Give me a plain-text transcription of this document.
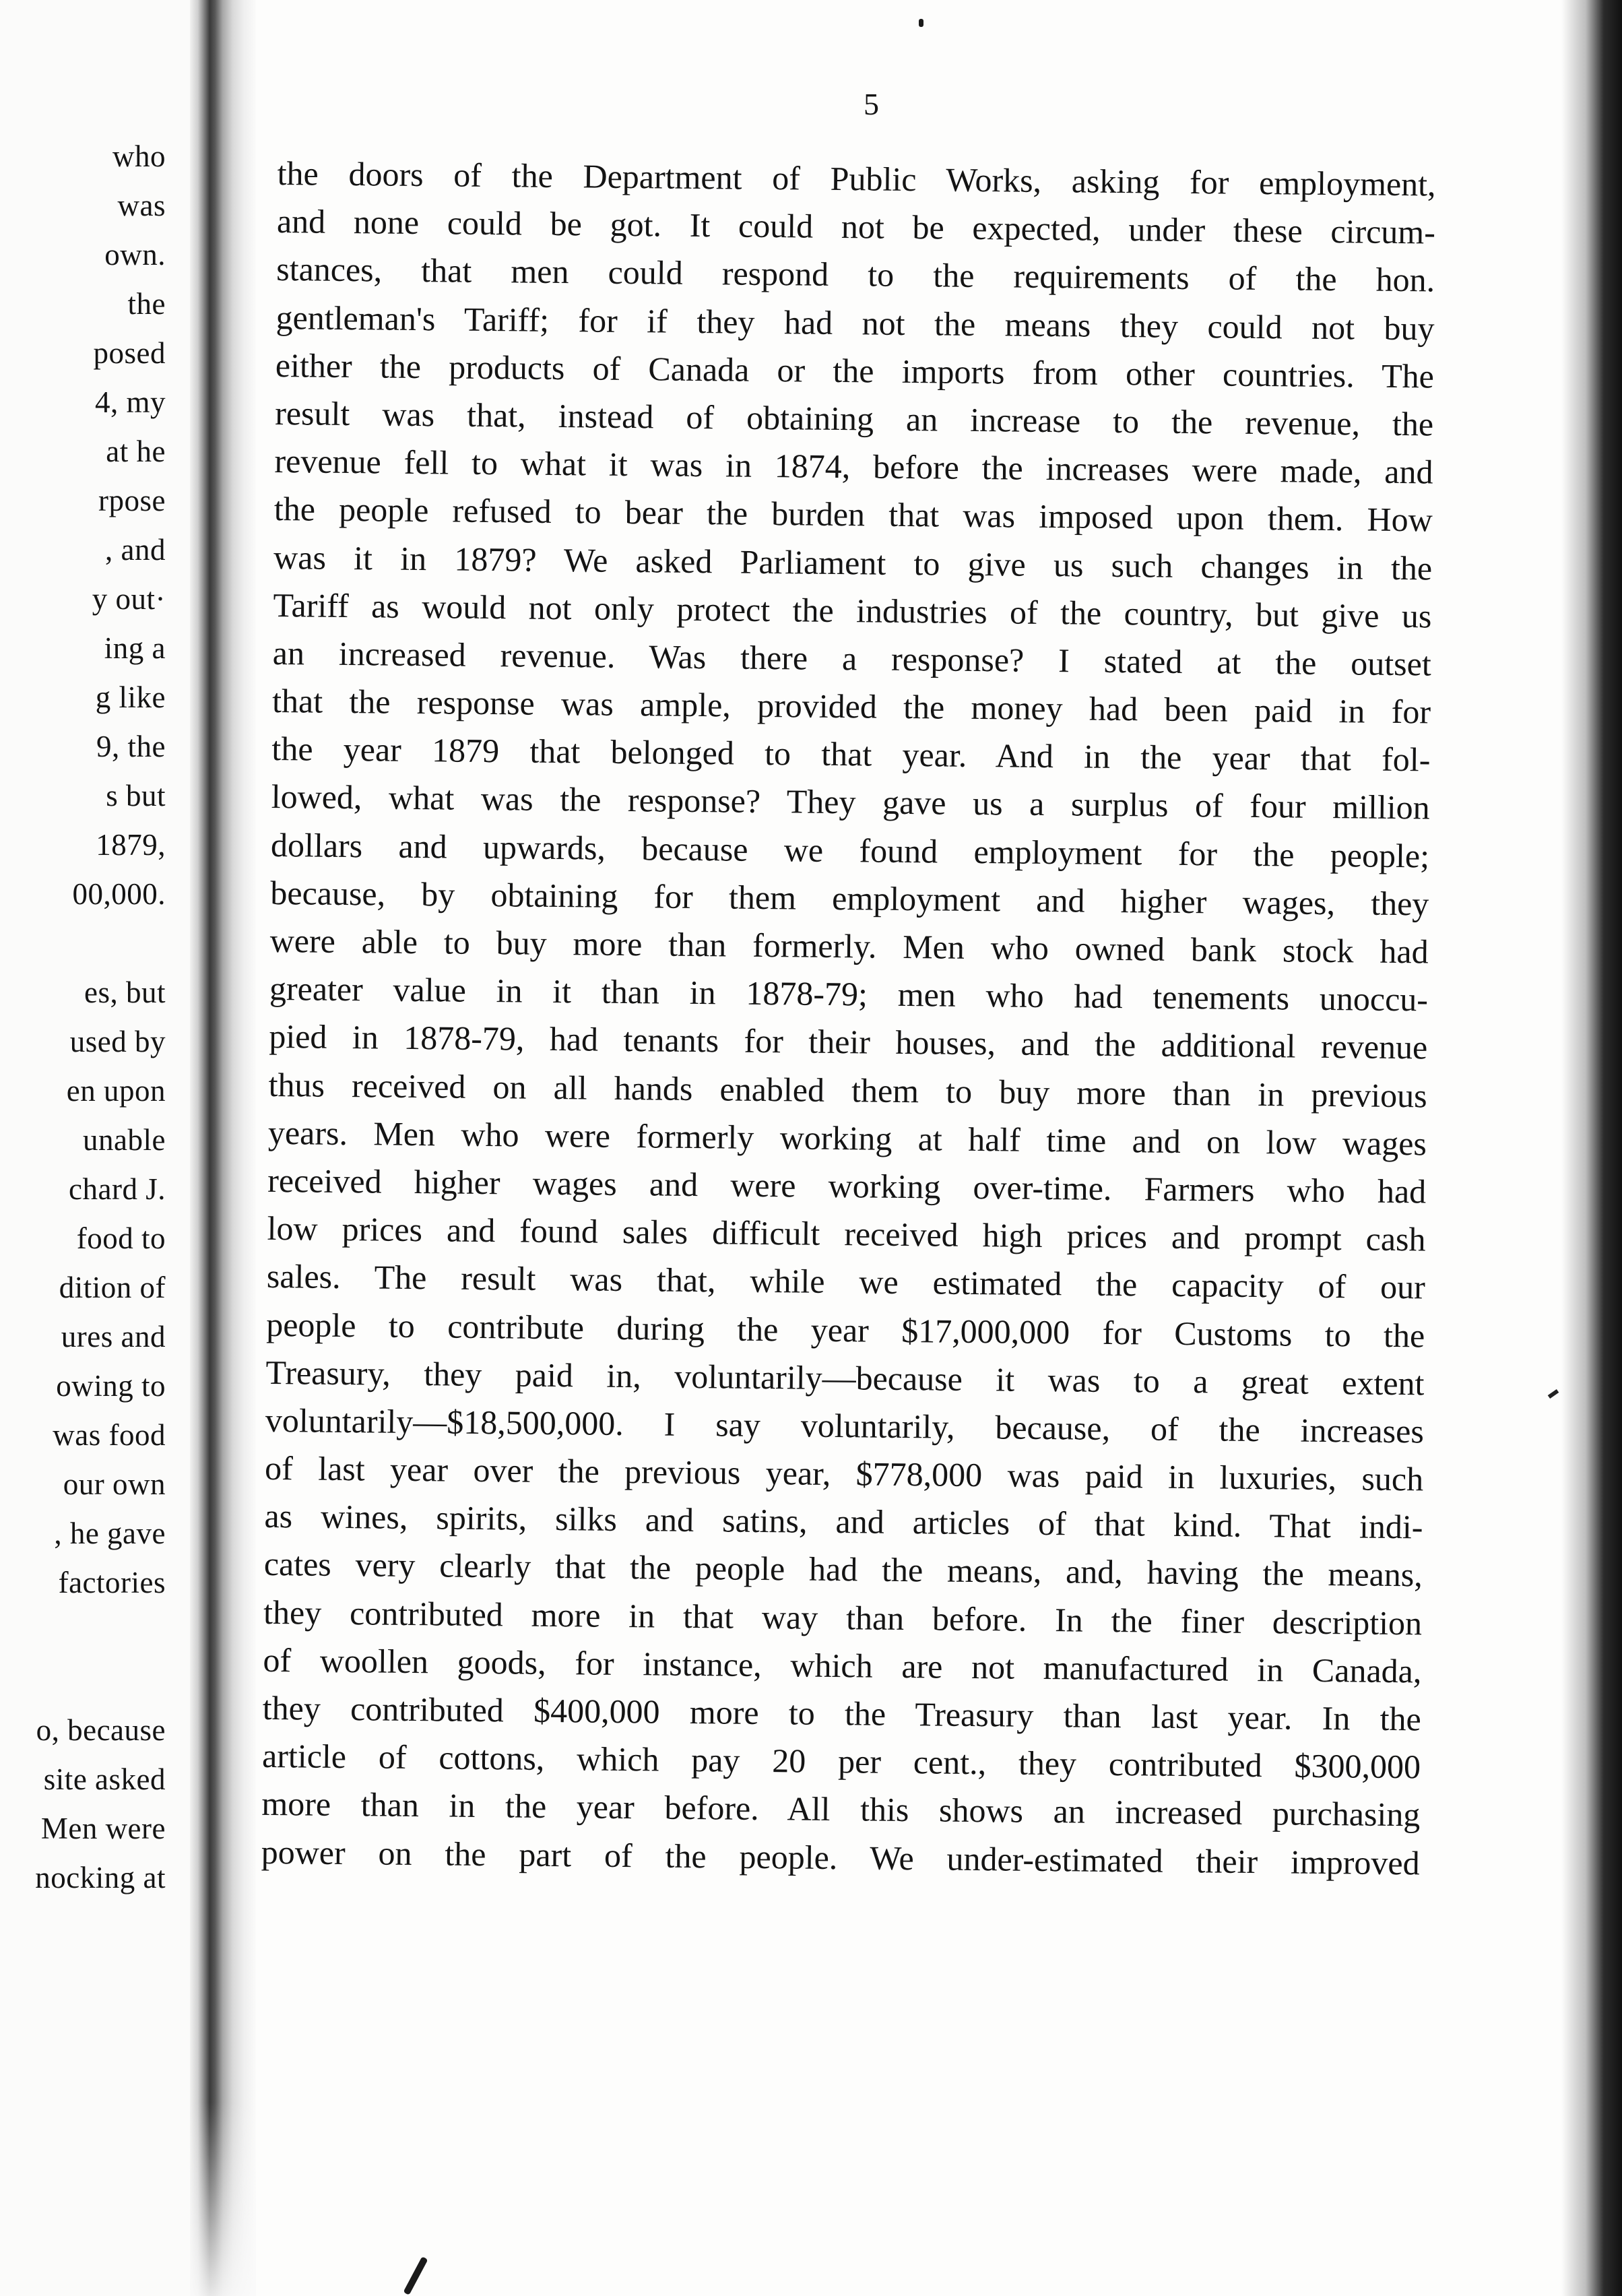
who
was
own.
the
posed
4, my
at he
rpose
, and
y out·
ing a
g like
9, the
s but
1879,
00,000.
es, but
used by
en upon
unable
chard J.
food to
dition of
ures and
owing to
was food
our own
, he gave
factories
o, because
site asked
Men were
nocking at
5
the doors of the Department of Public Works, asking for employment,
and none could be got. It could not be expected, under these circum-
stances, that men could respond to the requirements of the hon.
gentleman's Tariff; for if they had not the means they could not buy
either the products of Canada or the imports from other countries. The
result was that, instead of obtaining an increase to the revenue, the
revenue fell to what it was in 1874, before the increases were made, and
the people refused to bear the burden that was imposed upon them. How
was it in 1879? We asked Parliament to give us such changes in the
Tariff as would not only protect the industries of the country, but give us
an increased revenue. Was there a response? I stated at the outset
that the response was ample, provided the money had been paid in for
the year 1879 that belonged to that year. And in the year that fol-
lowed, what was the response? They gave us a surplus of four million
dollars and upwards, because we found employment for the people;
because, by obtaining for them employment and higher wages, they
were able to buy more than formerly. Men who owned bank stock had
greater value in it than in 1878-79; men who had tenements unoccu-
pied in 1878-79, had tenants for their houses, and the additional revenue
thus received on all hands enabled them to buy more than in previous
years. Men who were formerly working at half time and on low wages
received higher wages and were working over-time. Farmers who had
low prices and found sales difficult received high prices and prompt cash
sales. The result was that, while we estimated the capacity of our
people to contribute during the year $17,000,000 for Customs to the
Treasury, they paid in, voluntarily—because it was to a great extent
voluntarily—$18,500,000. I say voluntarily, because, of the increases
of last year over the previous year, $778,000 was paid in luxuries, such
as wines, spirits, silks and satins, and articles of that kind. That indi-
cates very clearly that the people had the means, and, having the means,
they contributed more in that way than before. In the finer description
of woollen goods, for instance, which are not manufactured in Canada,
they contributed $400,000 more to the Treasury than last year. In the
article of cottons, which pay 20 per cent., they contributed $300,000
more than in the year before. All this shows an increased purchasing
power on the part of the people. We under-estimated their improved
